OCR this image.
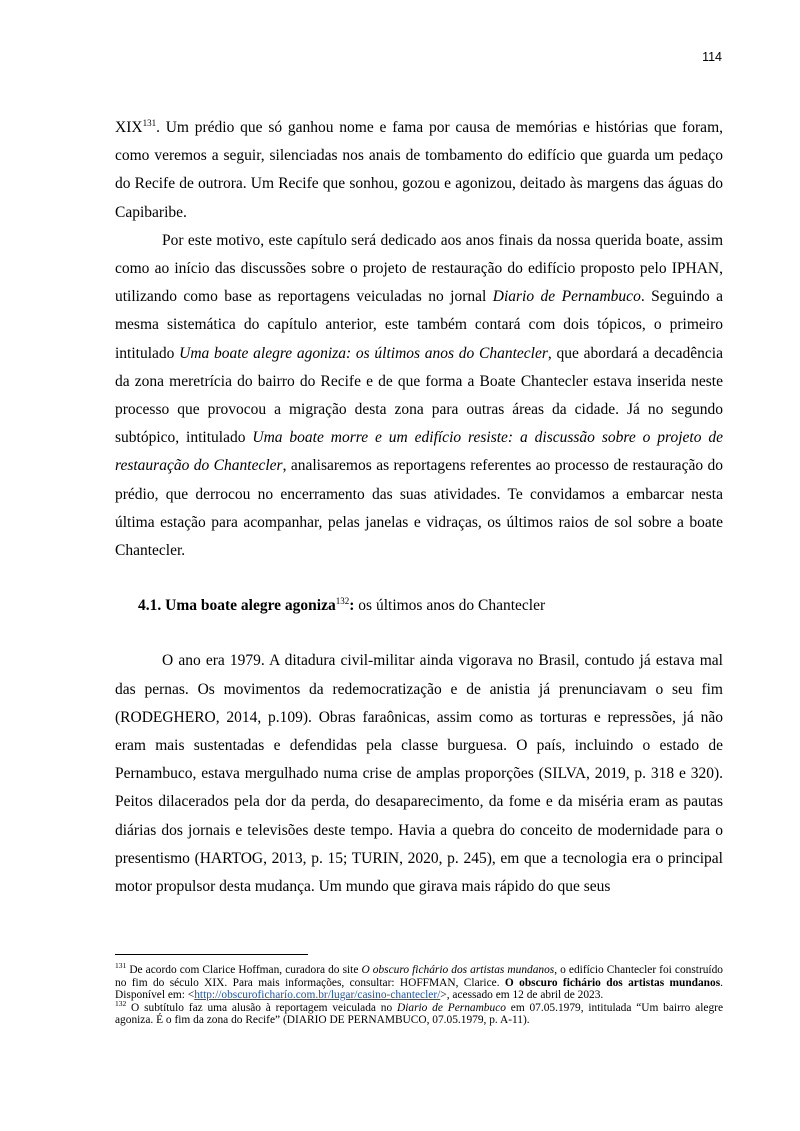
114

XIX$^{131}$. Um prédio que só ganhou nome e fama por causa de memórias e histórias que foram, como veremos a seguir, silenciadas nos anais de tombamento do edifício que guarda um pedaço do Recife de outrora. Um Recife que sonhou, gozou e agonizou, deitado às margens das águas do Capibaribe.

Por este motivo, este capítulo será dedicado aos anos finais da nossa querida boate, assim como ao início das discussões sobre o projeto de restauração do edifício proposto pelo IPHAN, utilizando como base as reportagens veiculadas no jornal Diario de Pernambuco. Seguindo a mesma sistemática do capítulo anterior, este também contará com dois tópicos, o primeiro intitulado Uma boate alegre agoniza: os últimos anos do Chantecler, que abordará a decadência da zona meretrícia do bairro do Recife e de que forma a Boate Chantecler estava inserida neste processo que provocou a migração desta zona para outras áreas da cidade. Já no segundo subtópico, intitulado Uma boate morre e um edifício resiste: a discussão sobre o projeto de restauração do Chantecler, analisaremos as reportagens referentes ao processo de restauração do prédio, que derrocou no encerramento das suas atividades. Te convidamos a embarcar nesta última estação para acompanhar, pelas janelas e vidraças, os últimos raios de sol sobre a boate Chantecler.

4.1. Uma boate alegre agoniza$^{132}$: os últimos anos do Chantecler

O ano era 1979. A ditadura civil-militar ainda vigorava no Brasil, contudo já estava mal das pernas. Os movimentos da redemocratização e de anistia já prenunciavam o seu fim (RODEGHERO, 2014, p.109). Obras faraônicas, assim como as torturas e repressões, já não eram mais sustentadas e defendidas pela classe burguesa. O país, incluindo o estado de Pernambuco, estava mergulhado numa crise de amplas proporções (SILVA, 2019, p. 318 e 320). Peitos dilacerados pela dor da perda, do desaparecimento, da fome e da miséria eram as pautas diárias dos jornais e televisões deste tempo. Havia a quebra do conceito de modernidade para o presentismo (HARTOG, 2013, p. 15; TURIN, 2020, p. 245), em que a tecnologia era o principal motor propulsor desta mudança. Um mundo que girava mais rápido do que seus

$^{131}$ De acordo com Clarice Hoffman, curadora do site O obscuro fichário dos artistas mundanos, o edifício Chantecler foi construído no fim do século XIX. Para mais informações, consultar: HOFFMAN, Clarice. O obscuro fichário dos artistas mundanos. Disponível em: <http://obscuroficharío.com.br/lugar/casino-chantecler/>, acessado em 12 de abril de 2023.

$^{132}$ O subtítulo faz uma alusão à reportagem veiculada no Diario de Pernambuco em 07.05.1979, intitulada “Um bairro alegre agoniza. É o fim da zona do Recife” (DIARIO DE PERNAMBUCO, 07.05.1979, p. A-11).
